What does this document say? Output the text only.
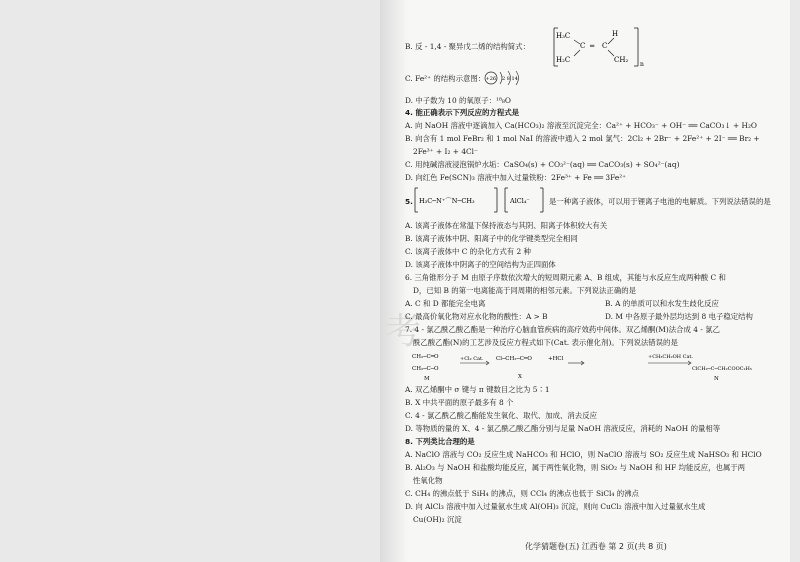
考
B. 反 - 1,4 - 聚异戊二烯的结构简式：
H₃C
C ═ C
H
H₂C	CH₂
n
C. Fe²⁺ 的结构示意图： +26 2 8 14
D. 中子数为 10 的氧原子：¹⁸₈O
4. 能正确表示下列反应的方程式是
A. 向 NaOH 溶液中逐滴加入 Ca(HCO₃)₂ 溶液至沉淀完全：Ca²⁺ + HCO₃⁻ + OH⁻ ══ CaCO₃↓ + H₂O
B. 向含有 1 mol FeBr₂ 和 1 mol NaI 的溶液中通入 2 mol 氯气：2Cl₂ + 2Br⁻ + 2Fe²⁺ + 2I⁻ ══ Br₂ +
2Fe³⁺ + I₂ + 4Cl⁻
C. 用纯碱溶液浸泡锅炉水垢：CaSO₄(s) + CO₃²⁻(aq) ══ CaCO₃(s) + SO₄²⁻(aq)
D. 向红色 Fe(SCN)₃ 溶液中加入过量铁粉：2Fe³⁺ + Fe ══ 3Fe²⁺
5. H₃C─N⁺⌒N─CH₃	AlCl₄⁻	是一种离子液体，可以用于锂离子电池的电解质。下列说法错误的是
A. 该离子液体在常温下保持液态与其阴、阳离子体积较大有关
B. 该离子液体中阴、阳离子中的化学键类型完全相同
C. 该离子液体中 C 的杂化方式有 2 种
D. 该离子液体中阴离子的空间结构为正四面体
6. 三角锥形分子 M 由原子序数依次增大的短周期元素 A、B 组成，其能与水反应生成两种酸 C 和
D，已知 B 的第一电离能高于同周期的相邻元素。下列说法正确的是
A. C 和 D 都能完全电离	B. A 的单质可以和水发生歧化反应
C. 最高价氧化物对应水化物的酸性：A > B	D. M 中各原子最外层均达到 8 电子稳定结构
7. 4 - 氯乙酰乙酸乙酯是一种治疗心脑血管疾病的高疗效药中间体。双乙烯酮(M)法合成 4 - 氯乙
酰乙酸乙酯(N)的工艺涉及反应方程式如下(Cat. 表示催化剂)。下列说法错误的是
CH₂─C═O
CH₂─C─O
M
+Cl₂ Cat. Cl─CH₂─C═O
X
+HCl	+CH₃CH₂OH Cat.
ClCH₂─C─CH₂COOC₂H₅
N
A. 双乙烯酮中 σ 键与 π 键数目之比为 5∶1
B. X 中共平面的原子最多有 8 个
C. 4 - 氯乙酰乙酸乙酯能发生氧化、取代、加成、消去反应
D. 等物质的量的 X、4 - 氯乙酰乙酸乙酯分别与足量 NaOH 溶液反应，消耗的 NaOH 的量相等
8. 下列类比合理的是
A. NaClO 溶液与 CO₂ 反应生成 NaHCO₃ 和 HClO，则 NaClO 溶液与 SO₂ 反应生成 NaHSO₃ 和 HClO
B. Al₂O₃ 与 NaOH 和盐酸均能反应，属于两性氧化物，则 SiO₂ 与 NaOH 和 HF 均能反应，也属于两
性氧化物
C. CH₄ 的沸点低于 SiH₄ 的沸点，则 CCl₄ 的沸点也低于 SiCl₄ 的沸点
D. 向 AlCl₃ 溶液中加入过量氨水生成 Al(OH)₃ 沉淀，则向 CuCl₂ 溶液中加入过量氨水生成
Cu(OH)₂ 沉淀
化学猜题卷(五) 江西卷 第 2 页(共 8 页)
